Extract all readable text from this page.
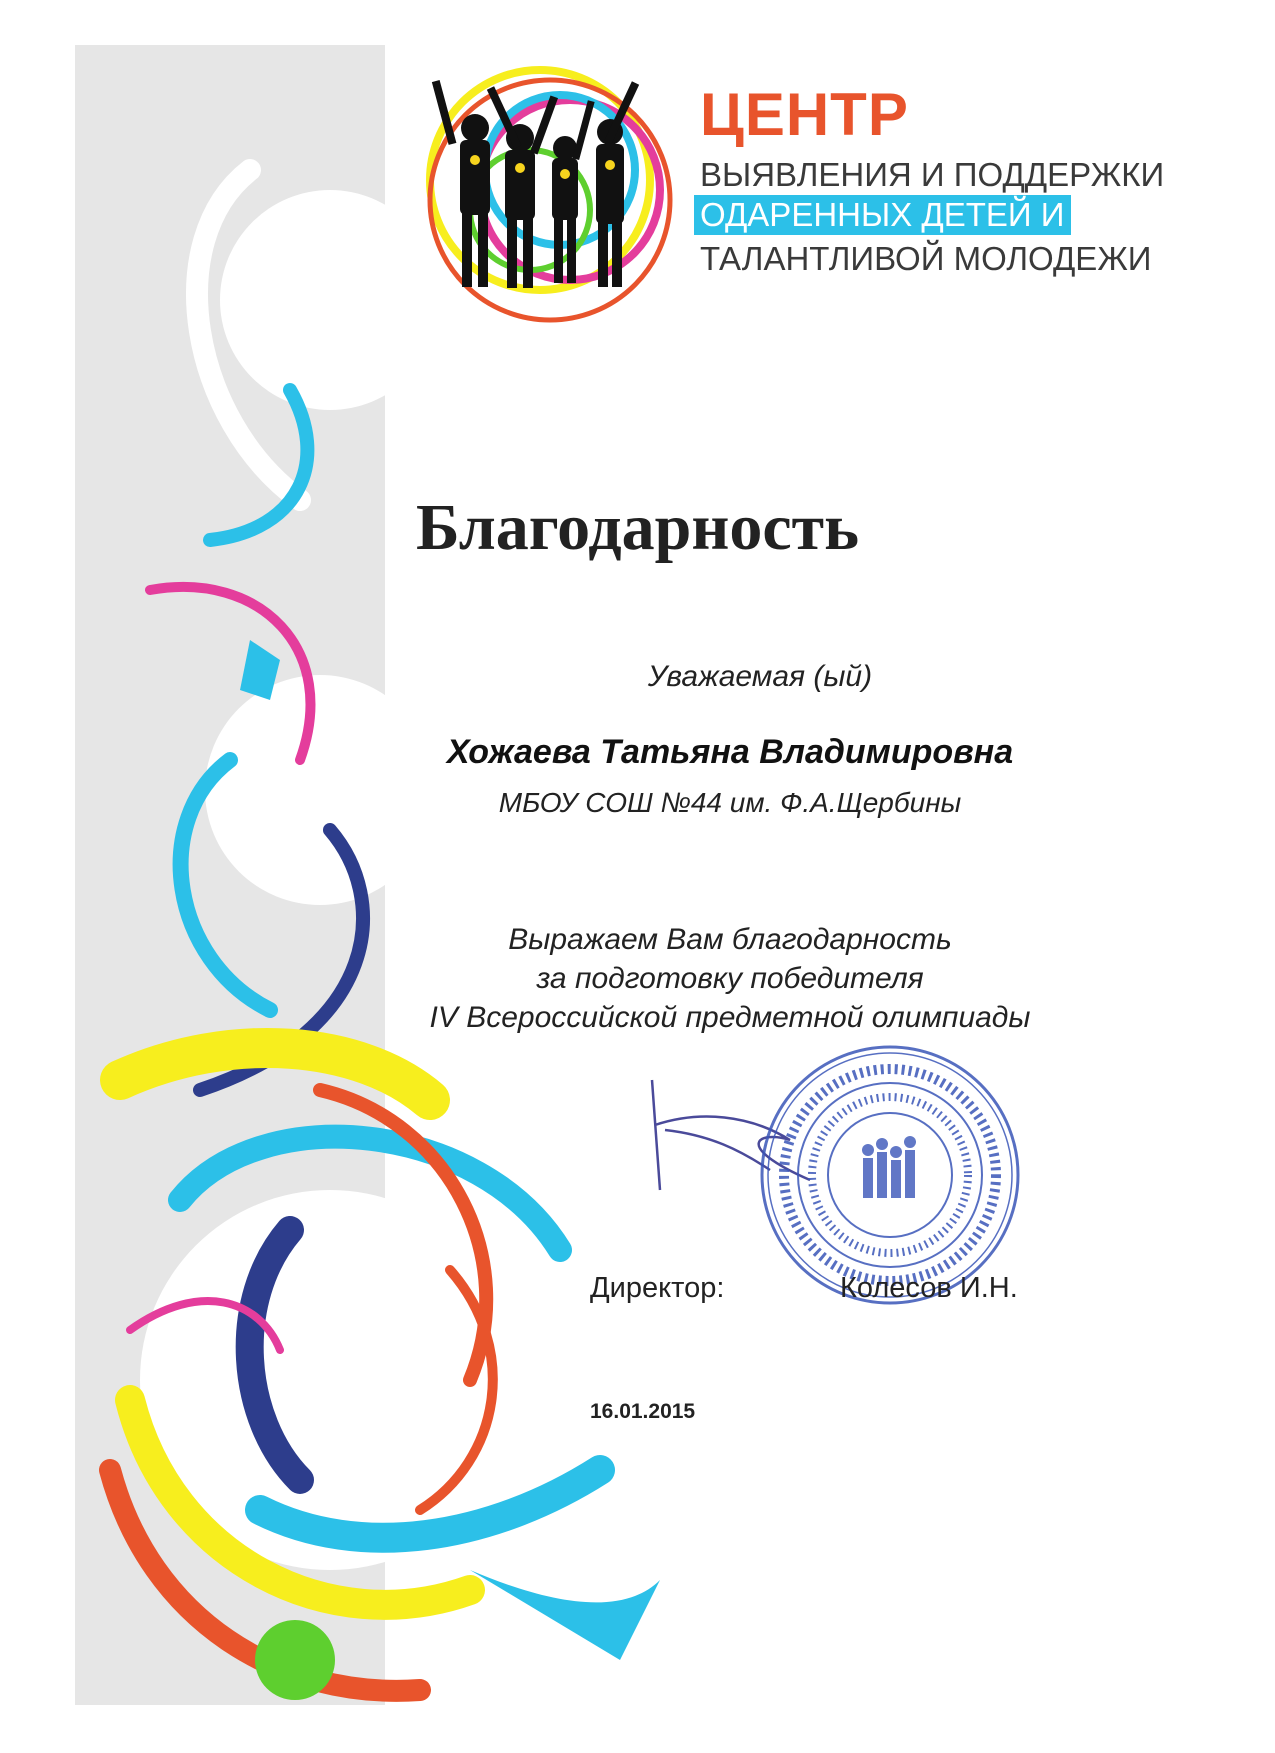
ЦЕНТР
ВЫЯВЛЕНИЯ И ПОДДЕРЖКИ
ОДАРЕННЫХ ДЕТЕЙ И
ТАЛАНТЛИВОЙ МОЛОДЕЖИ
Благодарность
Уважаемая (ый)
Хожаева Татьяна Владимировна
МБОУ СОШ №44 им. Ф.А.Щербины
Выражаем Вам благодарность
за подготовку победителя
IV Всероссийской предметной олимпиады
Директор:	Колесов И.Н.
16.01.2015
